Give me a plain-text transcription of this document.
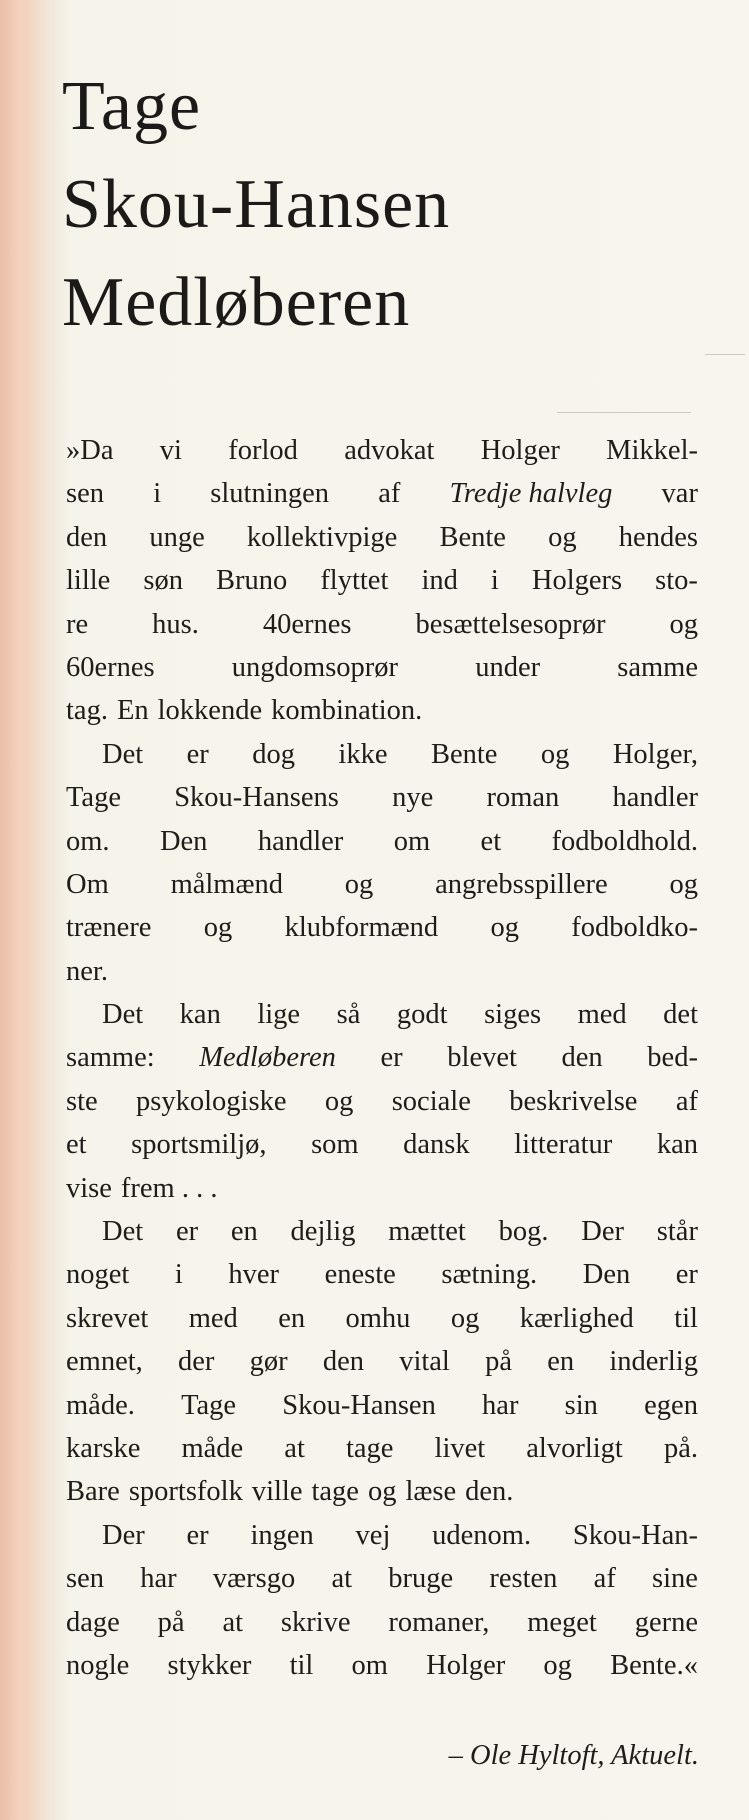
Tage
Skou-Hansen
Medløberen
»Da vi forlod advokat Holger Mikkel-
sen i slutningen af Tredje halvleg var
den unge kollektivpige Bente og hendes
lille søn Bruno flyttet ind i Holgers sto-
re hus. 40ernes besættelsesoprør og
60ernes	ungdomsoprør	under	samme
tag. En lokkende kombination.
Det er dog ikke Bente og Holger,
Tage Skou-Hansens nye roman handler
om. Den handler om et fodboldhold.
Om målmænd og angrebsspillere og
trænere og klubformænd og fodboldko-
ner.
Det kan lige så godt siges med det
samme: Medløberen er blevet den bed-
ste psykologiske og sociale beskrivelse af
et sportsmiljø, som dansk litteratur kan
vise frem . . .
Det er en dejlig mættet bog. Der står
noget i hver eneste sætning. Den er
skrevet med en omhu og kærlighed til
emnet, der gør den vital på en inderlig
måde. Tage Skou-Hansen har sin egen
karske måde at tage livet alvorligt på.
Bare sportsfolk ville tage og læse den.
Der er ingen vej udenom. Skou-Han-
sen har værsgo at bruge resten af sine
dage på at skrive romaner, meget gerne
nogle stykker til om Holger og Bente.«
– Ole Hyltoft, Aktuelt.
